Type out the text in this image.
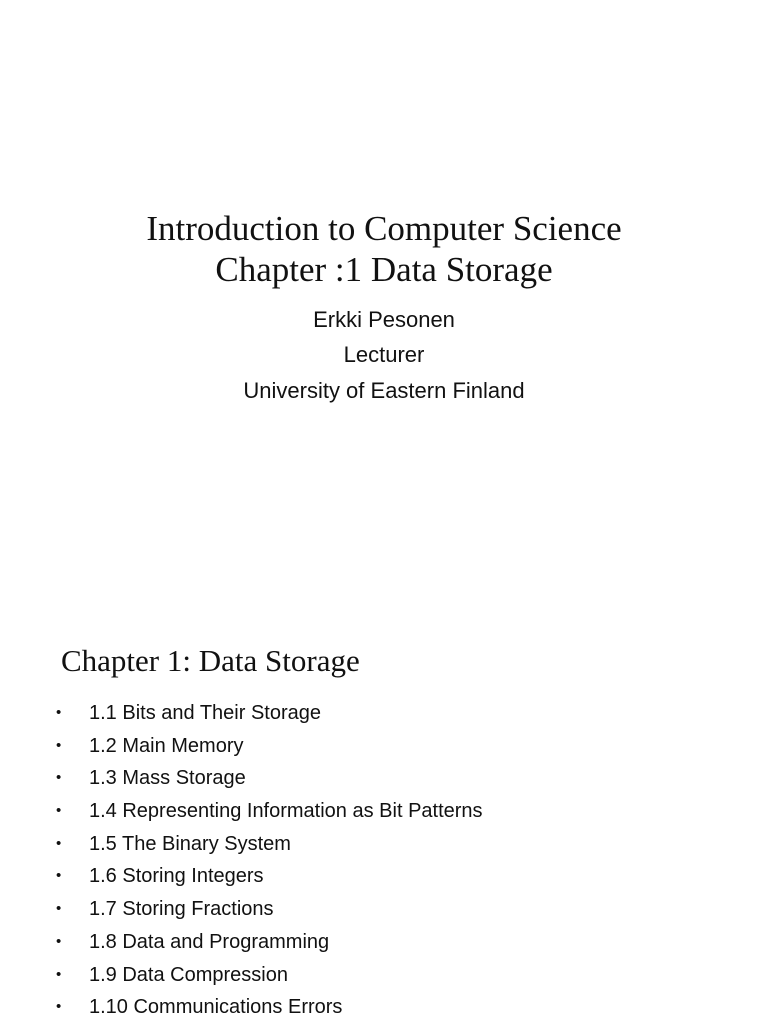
Introduction to Computer Science
Chapter :1 Data Storage
Erkki Pesonen
Lecturer
University of Eastern Finland
Chapter 1: Data Storage
• 1.1 Bits and Their Storage
• 1.2 Main Memory
• 1.3 Mass Storage
• 1.4 Representing Information as Bit Patterns
• 1.5 The Binary System
• 1.6 Storing Integers
• 1.7 Storing Fractions
• 1.8 Data and Programming
• 1.9 Data Compression
• 1.10 Communications Errors
